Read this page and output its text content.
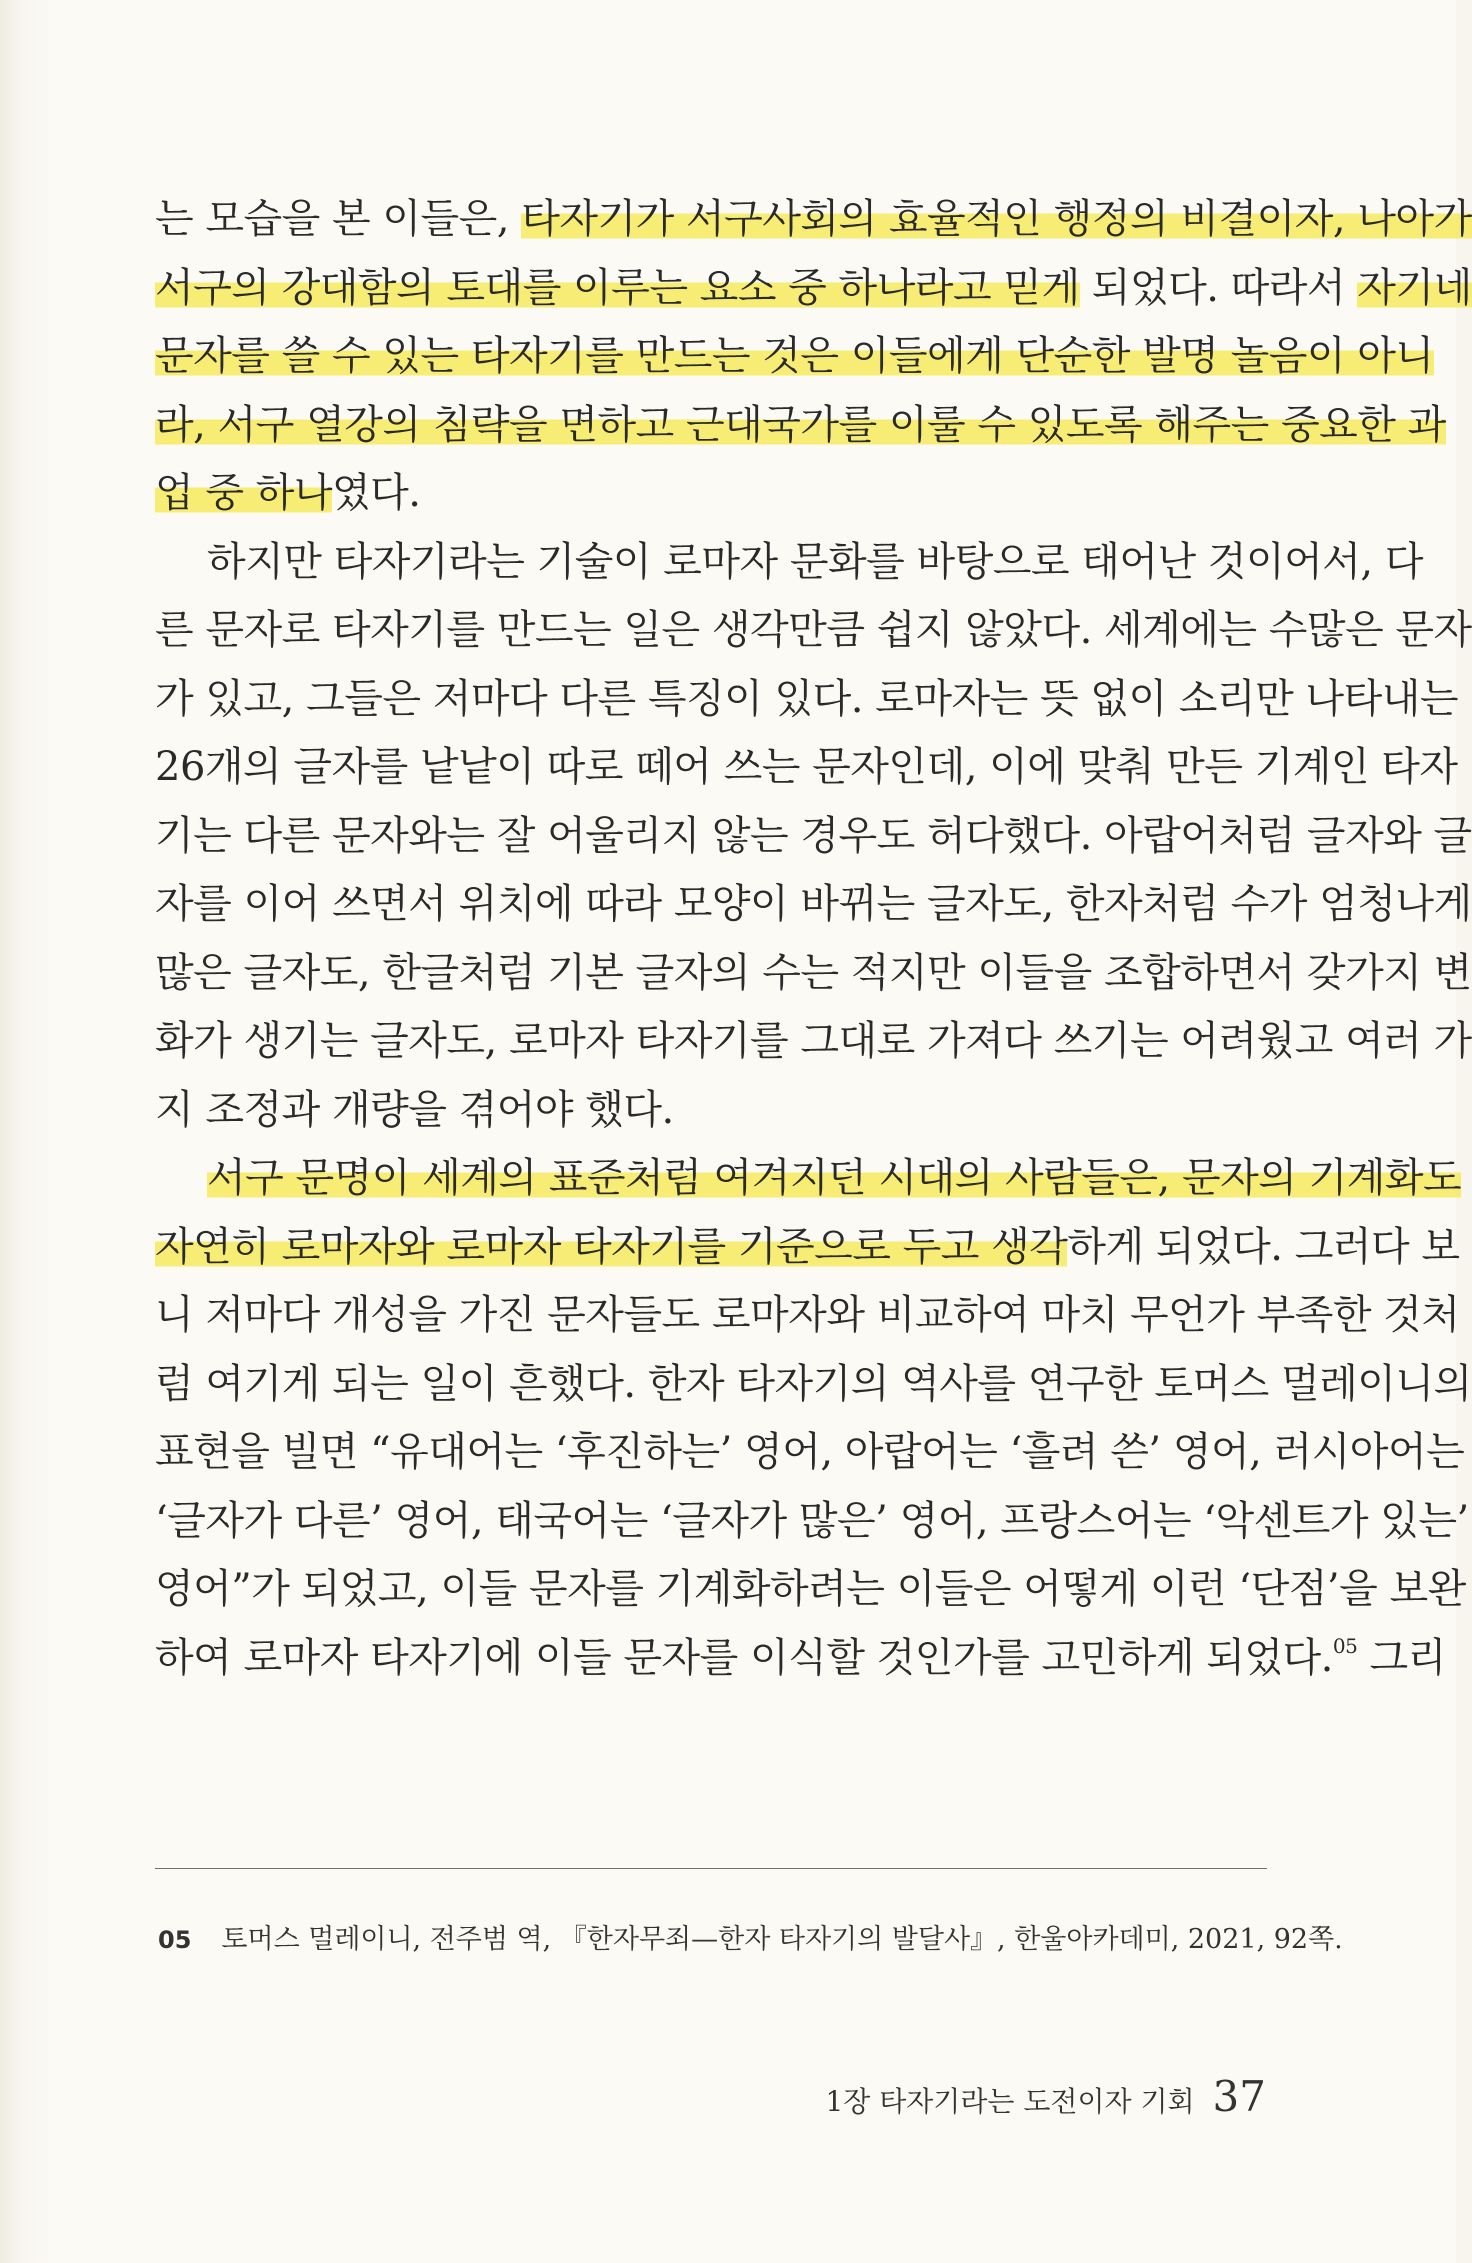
는 모습을 본 이들은, 타자기가 서구사회의 효율적인 행정의 비결이자, 나아가
서구의 강대함의 토대를 이루는 요소 중 하나라고 믿게 되었다. 따라서 자기네
문자를 쓸 수 있는 타자기를 만드는 것은 이들에게 단순한 발명 놀음이 아니
라, 서구 열강의 침략을 면하고 근대국가를 이룰 수 있도록 해주는 중요한 과
업 중 하나였다.

하지만 타자기라는 기술이 로마자 문화를 바탕으로 태어난 것이어서, 다
른 문자로 타자기를 만드는 일은 생각만큼 쉽지 않았다. 세계에는 수많은 문자
가 있고, 그들은 저마다 다른 특징이 있다. 로마자는 뜻 없이 소리만 나타내는
26개의 글자를 낱낱이 따로 떼어 쓰는 문자인데, 이에 맞춰 만든 기계인 타자
기는 다른 문자와는 잘 어울리지 않는 경우도 허다했다. 아랍어처럼 글자와 글
자를 이어 쓰면서 위치에 따라 모양이 바뀌는 글자도, 한자처럼 수가 엄청나게
많은 글자도, 한글처럼 기본 글자의 수는 적지만 이들을 조합하면서 갖가지 변
화가 생기는 글자도, 로마자 타자기를 그대로 가져다 쓰기는 어려웠고 여러 가
지 조정과 개량을 겪어야 했다.

서구 문명이 세계의 표준처럼 여겨지던 시대의 사람들은, 문자의 기계화도
자연히 로마자와 로마자 타자기를 기준으로 두고 생각하게 되었다. 그러다 보
니 저마다 개성을 가진 문자들도 로마자와 비교하여 마치 무언가 부족한 것처
럼 여기게 되는 일이 흔했다. 한자 타자기의 역사를 연구한 토머스 멀레이니의
표현을 빌면 “유대어는 ‘후진하는’ 영어, 아랍어는 ‘흘려 쓴’ 영어, 러시아어는
‘글자가 다른’ 영어, 태국어는 ‘글자가 많은’ 영어, 프랑스어는 ‘악센트가 있는’
영어”가 되었고, 이들 문자를 기계화하려는 이들은 어떻게 이런 ‘단점’을 보완
하여 로마자 타자기에 이들 문자를 이식할 것인가를 고민하게 되었다.$^{05}$ 그리

05 토머스 멀레이니, 전주범 역, 『한자무죄—한자 타자기의 발달사』, 한울아카데미, 2021, 92쪽.
1장 타자기라는 도전이자 기회 37
